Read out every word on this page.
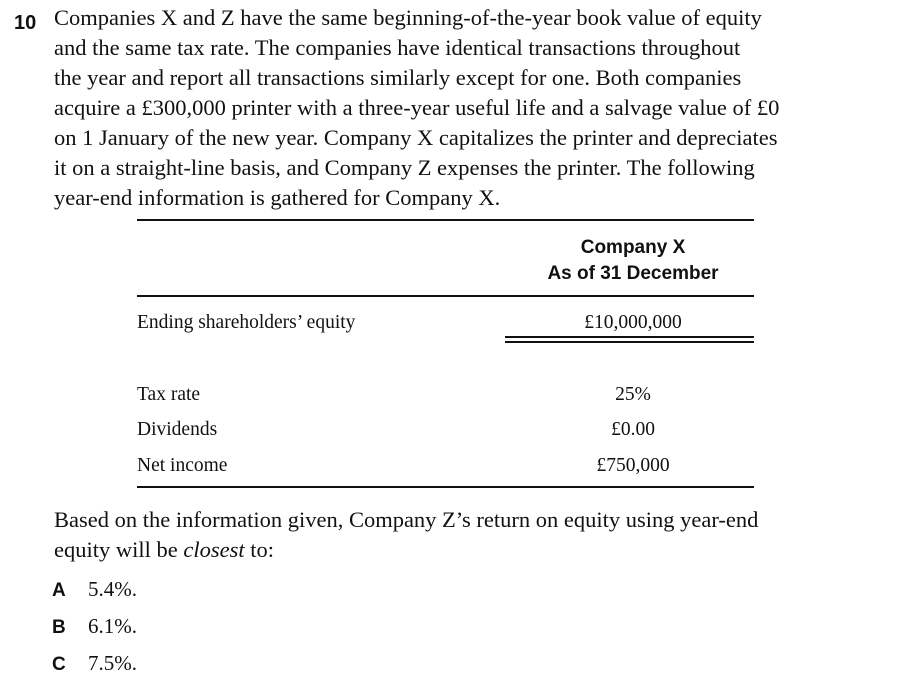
10 Companies X and Z have the same beginning-of-the-year book value of equity
and the same tax rate. The companies have identical transactions throughout
the year and report all transactions similarly except for one. Both companies
acquire a £300,000 printer with a three-year useful life and a salvage value of £0
on 1 January of the new year. Company X capitalizes the printer and depreciates
it on a straight-line basis, and Company Z expenses the printer. The following
year-end information is gathered for Company X.
Company X
As of 31 December
Ending shareholders’ equity	£10,000,000
Tax rate	25%
Dividends	£0.00
Net income	£750,000
Based on the information given, Company Z’s return on equity using year-end
equity will be closest to:
A 5.4%.
B 6.1%.
C 7.5%.
